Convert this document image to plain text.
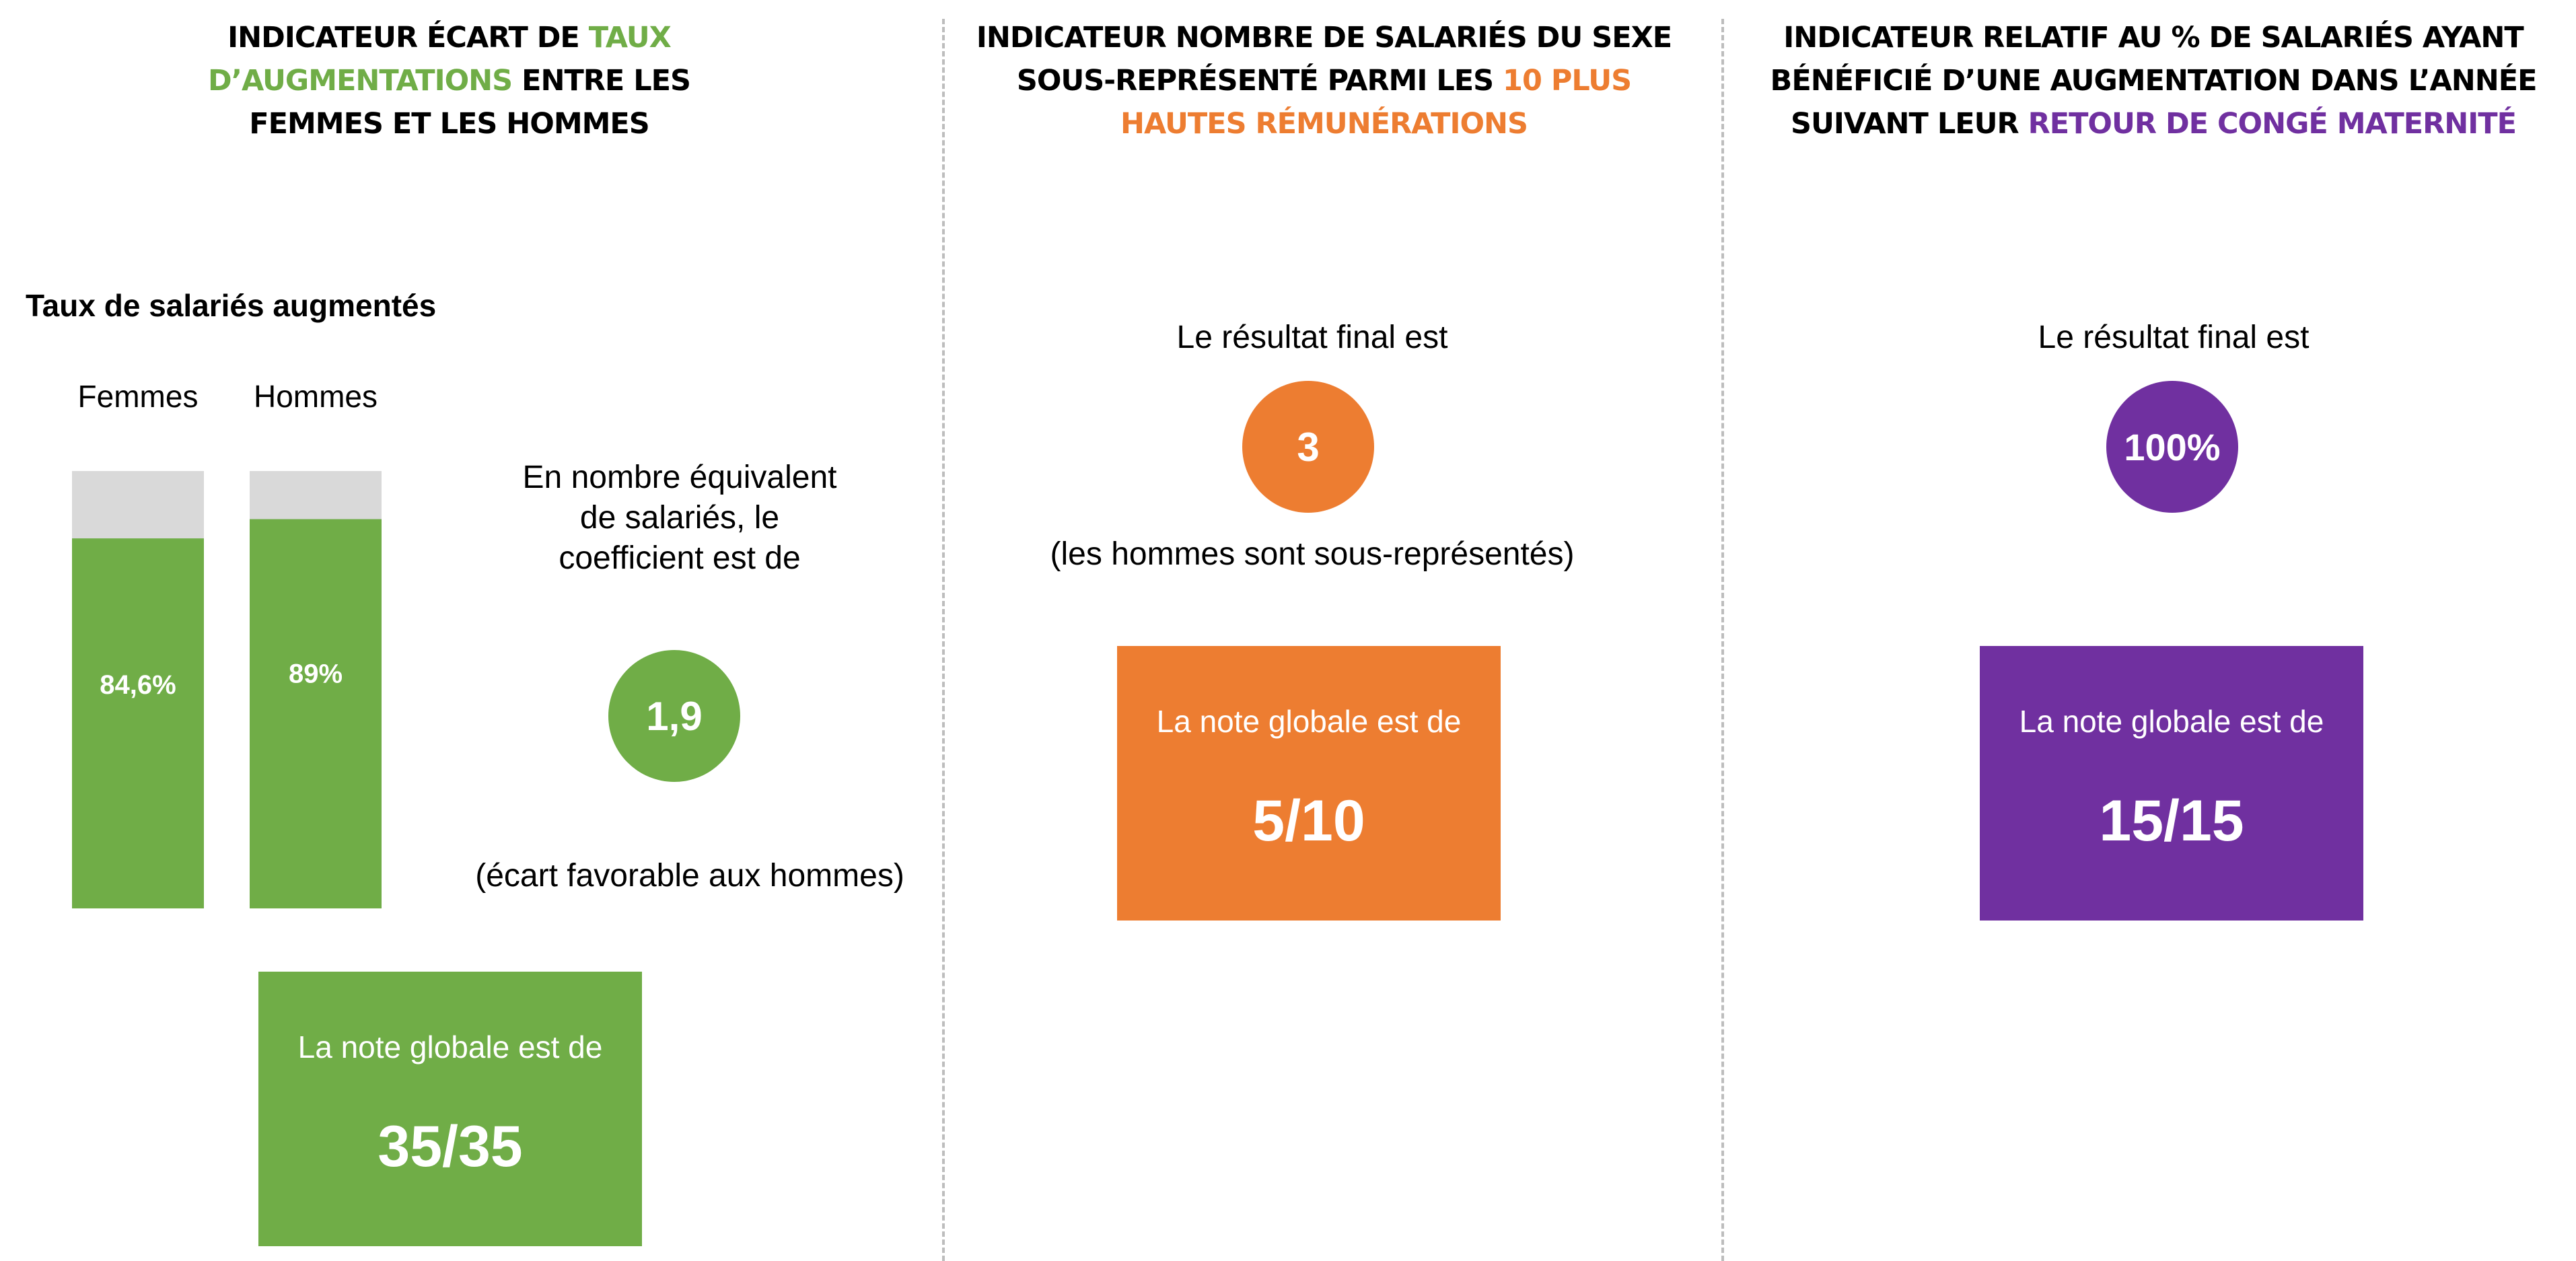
INDICATEUR ÉCART DE TAUX
D’AUGMENTATIONS ENTRE LES
FEMMES ET LES HOMMES
Taux de salariés augmentés
Femmes
84,6%
Hommes
89%
En nombre équivalent
de salariés, le
coefficient est de
1,9
(écart favorable aux hommes)
La note globale est de
35/35
INDICATEUR NOMBRE DE SALARIÉS DU SEXE
SOUS-REPRÉSENTÉ PARMI LES 10 PLUS
HAUTES RÉMUNÉRATIONS
Le résultat final est
3
(les hommes sont sous-représentés)
La note globale est de
5/10
INDICATEUR RELATIF AU % DE SALARIÉS AYANT
BÉNÉFICIÉ D’UNE AUGMENTATION DANS L’ANNÉE
SUIVANT LEUR RETOUR DE CONGÉ MATERNITÉ
Le résultat final est
100%
La note globale est de
15/15
